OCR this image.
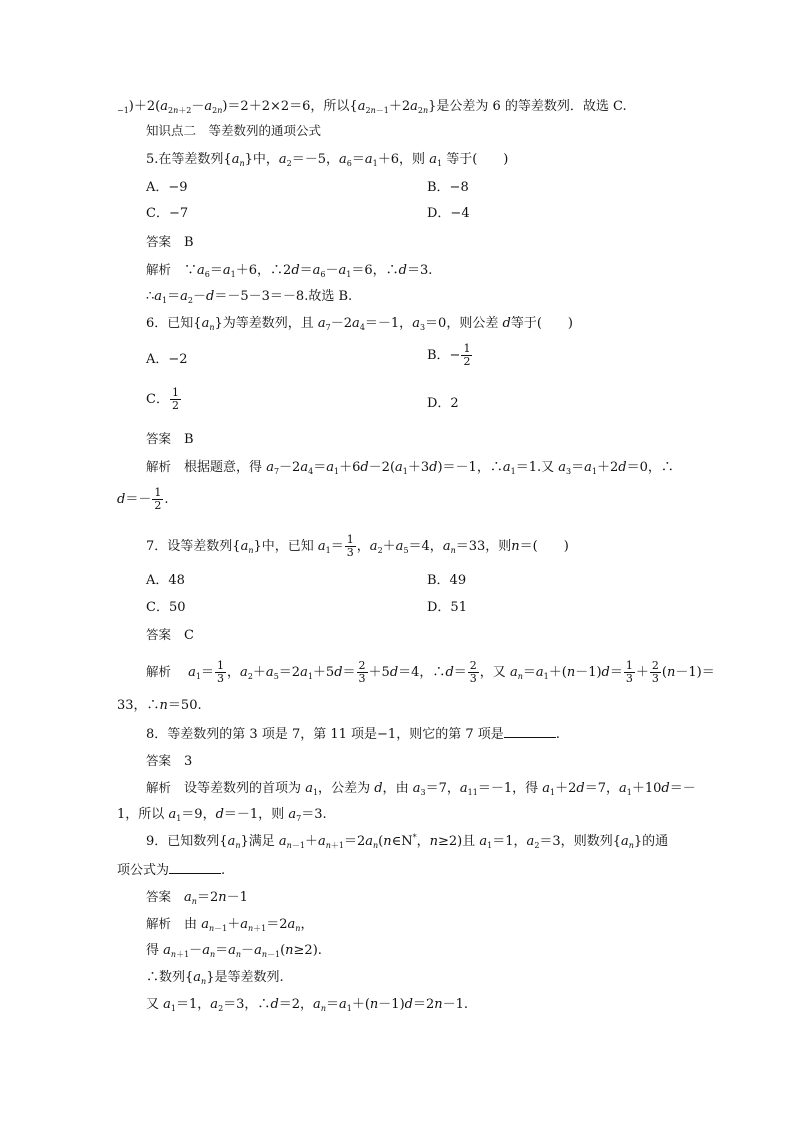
$_{-1})+2(a_{2n+2}-a_{2n})=2+2\times 2=6$，所以$\{a_{2n-1}+2a_{2n}\}$是公差为 6 的等差数列．故选 C.
知识点二　等差数列的通项公式
5.在等差数列$\{a_n\}$中，$a_2=-5$，$a_6=a_1+6$，则 $a_1$ 等于(　　)
A．−9	B．−8
C．−7	D．−4
答案　 B
解析　$\because a_6=a_1+6$，$\therefore 2d=a_6-a_1=6$，∴d＝3.
$\therefore a_1=a_2-d=-5-3=-8$.故选 B.
6．已知$\{a_n\}$为等差数列，且 $a_7-2a_4=-1$，$a_3=0$，则公差 d等于(　　)
A．−2	B．− $\frac{1}{2}$
C． $\frac{1}{2}$	D．2
答案　 B
解析　 根据题意，得 $a_7-2a_4=a_1+6d-2(a_1+3d)=-1$，$\therefore a_1=1$.又 $a_3=a_1+2d=0$，∴
$d=- \frac{1}{2}$ .
7．设等差数列$\{a_n\}$中，已知 $a_1= \frac{1}{3}$ ，$a_2+a_5=4$，$a_n=33$，则n＝(　　)
A．48	B．49
C．50	D．51
答案　 C
解析　 $a_1= \frac{1}{3}$ ，$a_2+a_5=2a_1+5d= \frac{2}{3} +5d=4$，∴d＝ $\frac{2}{3}$ ，又 $a_n=a_1+(n-1)d= \frac{1}{3} + \frac{2}{3} (n-1)=$
33，∴n＝50.
8．等差数列的第 3 项是 7，第 11 项是−1，则它的第 7 项是	.
答案　 3
解析　 设等差数列的首项为 $a_1$，公差为 d，由 $a_3=7$，$a_{11}=-1$，得 $a_1+2d=7$，$a_1+10d=-$
1，所以 $a_1=9$，d＝－1，则 $a_7=3$.
9．已知数列$\{a_n\}$满足 $a_{n-1}+a_{n+1}=2a_n(n\in N^*$，n≥2)且 $a_1=1$，$a_2=3$，则数列$\{a_n\}$的通
项公式为	.
答案　 $a_n=2n-1$
解析　 由 $a_{n-1}+a_{n+1}=2a_n$，
得 $a_{n+1}-a_n=a_n-a_{n-1}(n\ge 2)$.
∴数列$\{a_n\}$是等差数列.
又 $a_1=1$，$a_2=3$，∴d＝2，$a_n=a_1+(n-1)d=2n-1$.
